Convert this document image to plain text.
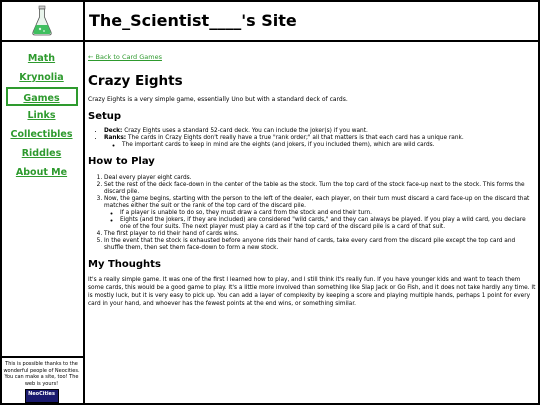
The_Scientist____'s Site
Math
Krynolia
Games
Links
Collectibles
Riddles
About Me
This is possible thanks to the wonderful people of Neocities. You can make a site, too! The web is yours!
NeoCities
← Back to Card Games
Crazy Eights

Crazy Eights is a very simple game, essentially Uno but with a standard deck of cards.

Setup
• Deck: Crazy Eights uses a standard 52-card deck. You can include the joker(s) if you want.
• Ranks: The cards in Crazy Eights don't really have a true "rank order;" all that matters is that each card has a unique rank.
◦ The important cards to keep in mind are the eights (and jokers, if you included them), which are wild cards.
How to Play
1. Deal every player eight cards.
2. Set the rest of the deck face-down in the center of the table as the stock. Turn the top card of the stock face-up next to the stock. This forms the discard pile.
3. Now, the game begins, starting with the person to the left of the dealer, each player, on their turn must discard a card face-up on the discard that matches either the suit or the rank of the top card of the discard pile.
◦ If a player is unable to do so, they must draw a card from the stock and end their turn.
◦ Eights (and the jokers, if they are included) are considered "wild cards," and they can always be played. If you play a wild card, you declare one of the four suits. The next player must play a card as if the top card of the discard pile is a card of that suit.
4. The first player to rid their hand of cards wins.
5. In the event that the stock is exhausted before anyone rids their hand of cards, take every card from the discard pile except the top card and shuffle them, then set them face-down to form a new stock.
My Thoughts

It's a really simple game. It was one of the first I learned how to play, and I still think it's really fun. If you have younger kids and want to teach them some cards, this would be a good game to play. It's a little more involved than something like Slap Jack or Go Fish, and it does not take hardly any time. It is mostly luck, but it is very easy to pick up. You can add a layer of complexity by keeping a score and playing multiple hands, perhaps 1 point for every card in your hand, and whoever has the fewest points at the end wins, or something similar.
